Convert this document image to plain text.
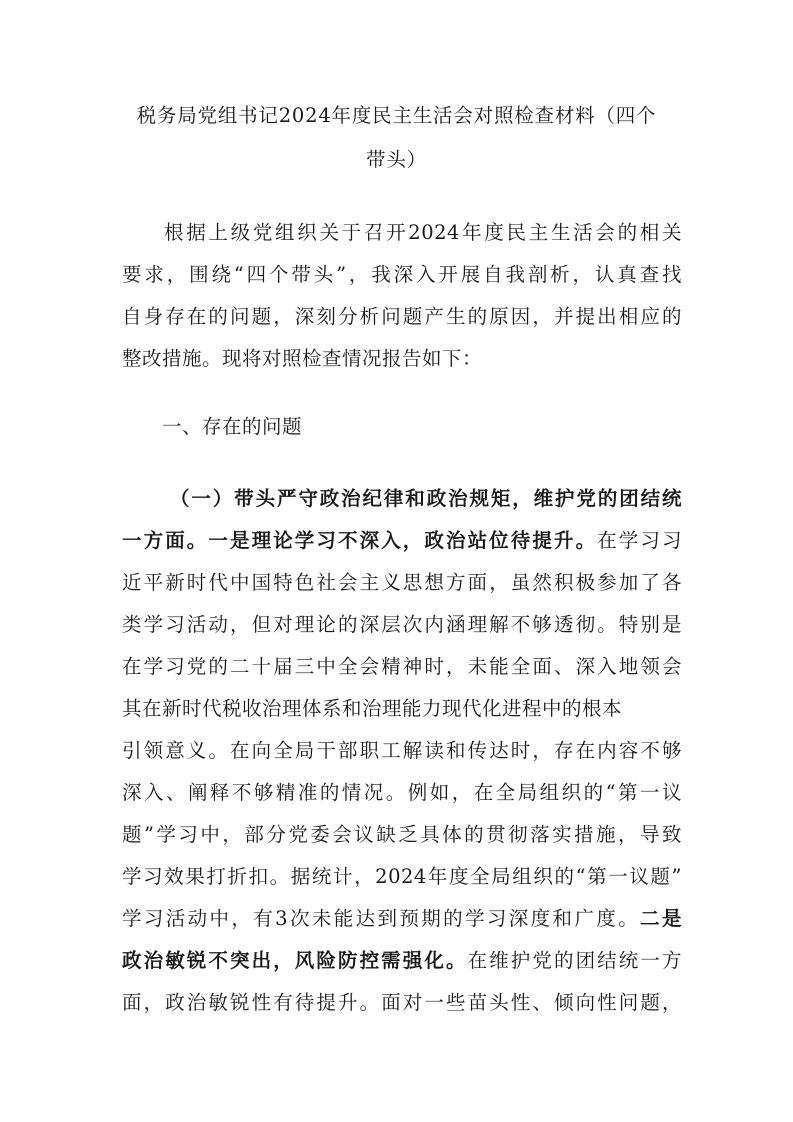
税务局党组书记2024年度民主生活会对照检查材料（四个
带头）
根据上级党组织关于召开2024年度民主生活会的相关
要求，围绕“四个带头”，我深入开展自我剖析，认真查找
自身存在的问题，深刻分析问题产生的原因，并提出相应的
整改措施。现将对照检查情况报告如下：
一、存在的问题
（一）带头严守政治纪律和政治规矩，维护党的团结统
一方面。一是理论学习不深入，政治站位待提升。在学习习
近平新时代中国特色社会主义思想方面，虽然积极参加了各
类学习活动，但对理论的深层次内涵理解不够透彻。特别是
在学习党的二十届三中全会精神时，未能全面、深入地领会
其在新时代税收治理体系和治理能力现代化进程中的根本
引领意义。在向全局干部职工解读和传达时，存在内容不够
深入、阐释不够精准的情况。例如，在全局组织的“第一议
题”学习中，部分党委会议缺乏具体的贯彻落实措施，导致
学习效果打折扣。据统计，2024年度全局组织的“第一议题”
学习活动中，有3次未能达到预期的学习深度和广度。二是
政治敏锐不突出，风险防控需强化。在维护党的团结统一方
面，政治敏锐性有待提升。面对一些苗头性、倾向性问题，
